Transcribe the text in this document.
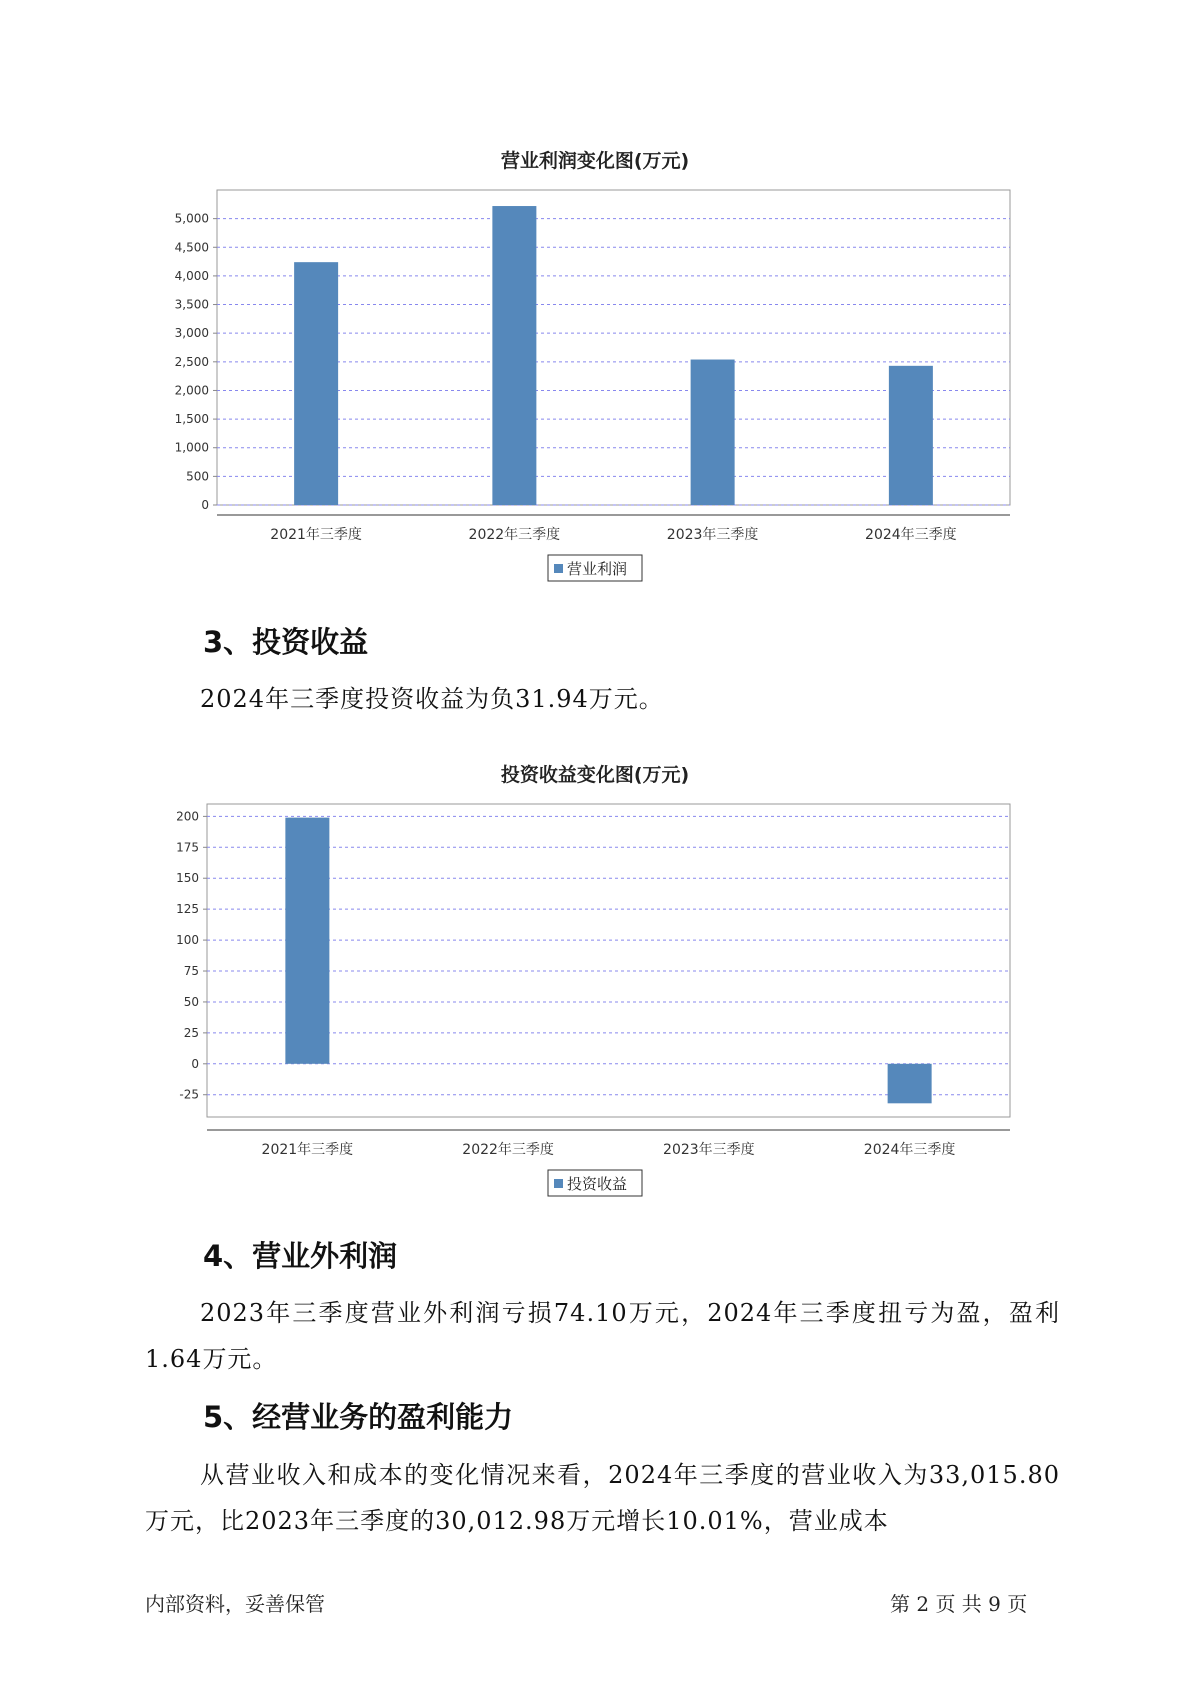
营业利润变化图(万元)
0
500
1,000
1,500
2,000
2,500
3,000
3,500
4,000
4,500
5,000
2021年三季度	2022年三季度	2023年三季度	2024年三季度
营业利润
3、投资收益

2024年三季度投资收益为负31.94万元。

投资收益变化图(万元)
-25
0
25
50
75
100
125
150
175
200
2021年三季度	2022年三季度	2023年三季度	2024年三季度
投资收益
4、营业外利润

2023年三季度营业外利润亏损74.10万元，2024年三季度扭亏为盈，盈利1.64万元。

5、经营业务的盈利能力

从营业收入和成本的变化情况来看，2024年三季度的营业收入为33,015.80万元，比2023年三季度的30,012.98万元增长10.01%，营业成本

内部资料，妥善保管	第 2 页 共 9 页
